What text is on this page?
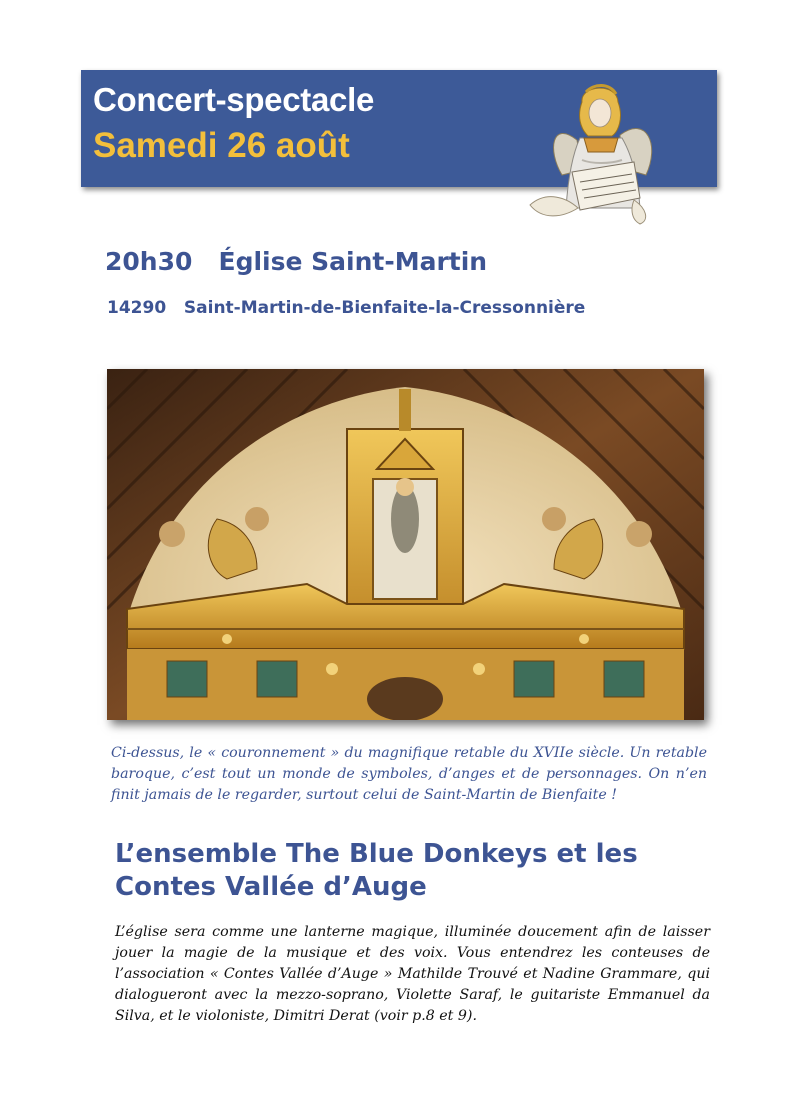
Concert-spectacle
Samedi 26 août

20h30   Église Saint-Martin

14290   Saint-Martin-de-Bienfaite-la-Cressonnière

Ci-dessus, le « couronnement » du magnifique retable du XVIIe siècle. Un retable baroque, c’est tout un monde de symboles, d’anges et de personnages. On n’en finit jamais de le regarder, surtout celui de Saint-Martin de Bienfaite !

L’ensemble The Blue Donkeys et les Contes Vallée d’Auge

L’église sera comme une lanterne magique, illuminée doucement afin de laisser jouer la magie de la musique et des voix. Vous entendrez les conteuses de l’association « Contes Vallée d’Auge » Mathilde Trouvé et Nadine Grammare, qui dialogueront avec la mezzo-soprano, Violette Saraf, le guitariste Emmanuel da Silva, et le violoniste, Dimitri Derat (voir p.8 et 9).
